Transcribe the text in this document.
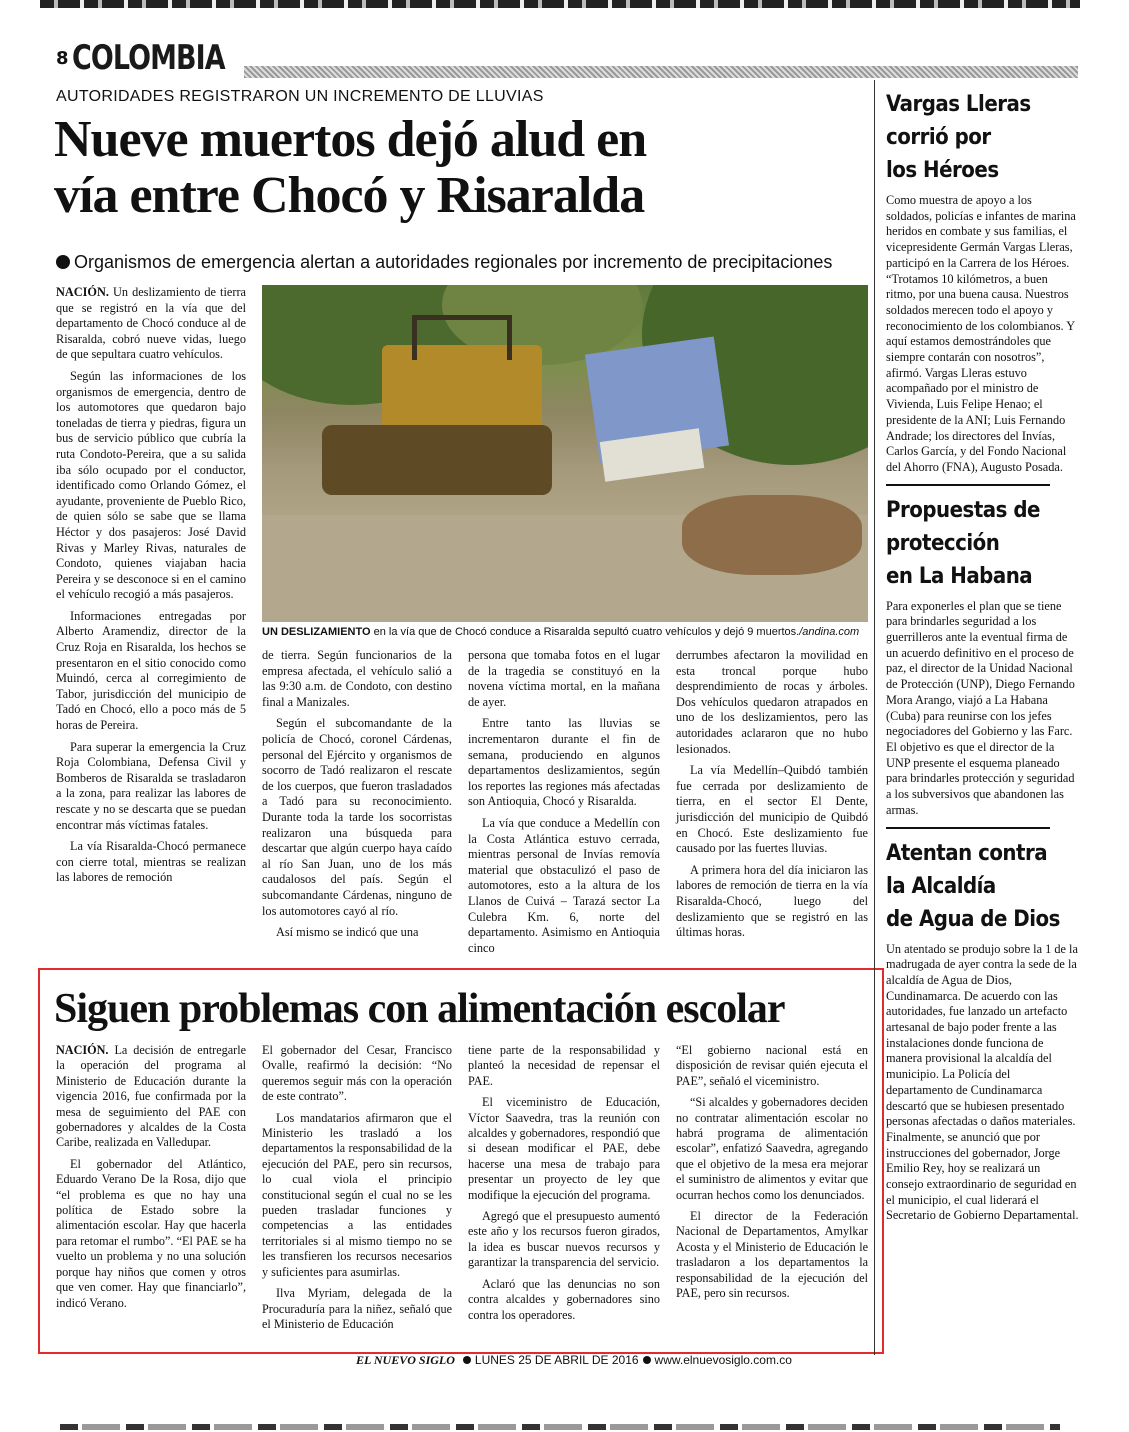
8 COLOMBIA
AUTORIDADES REGISTRARON UN INCREMENTO DE LLUVIAS
Nueve muertos dejó alud en
vía entre Chocó y Risaralda
Organismos de emergencia alertan a autoridades regionales por incremento de precipitaciones

NACIÓN. Un deslizamiento de tierra que se registró en la vía que del departamento de Chocó conduce al de Risaralda, cobró nueve vidas, luego de que sepultara cuatro vehículos.

Según las informaciones de los organismos de emergencia, dentro de los automotores que quedaron bajo toneladas de tierra y piedras, figura un bus de servicio público que cubría la ruta Condoto-Pereira, que a su salida iba sólo ocupado por el conductor, identificado como Orlando Gómez, el ayudante, proveniente de Pueblo Rico, de quien sólo se sabe que se llama Héctor y dos pasajeros: José David Rivas y Marley Rivas, naturales de Condoto, quienes viajaban hacia Pereira y se desconoce si en el camino el vehículo recogió a más pasajeros.

Informaciones entregadas por Alberto Aramendiz, director de la Cruz Roja en Risaralda, los hechos se presentaron en el sitio conocido como Muindó, cerca al corregimiento de Tabor, jurisdicción del municipio de Tadó en Chocó, ello a poco más de 5 horas de Pereira.

Para superar la emergencia la Cruz Roja Colombiana, Defensa Civil y Bomberos de Risaralda se trasladaron a la zona, para realizar las labores de rescate y no se descarta que se puedan encontrar más víctimas fatales.

La vía Risaralda-Chocó permanece con cierre total, mientras se realizan las labores de remoción

UN DESLIZAMIENTO en la vía que de Chocó conduce a Risaralda sepultó cuatro vehículos y dejó 9 muertos./andina.com

de tierra. Según funcionarios de la empresa afectada, el vehículo salió a las 9:30 a.m. de Condoto, con destino final a Manizales.

Según el subcomandante de la policía de Chocó, coronel Cárdenas, personal del Ejército y organismos de socorro de Tadó realizaron el rescate de los cuerpos, que fueron trasladados a Tadó para su reconocimiento. Durante toda la tarde los socorristas realizaron una búsqueda para descartar que algún cuerpo haya caído al río San Juan, uno de los más caudalosos del país. Según el subcomandante Cárdenas, ninguno de los automotores cayó al río.

Así mismo se indicó que una

persona que tomaba fotos en el lugar de la tragedia se constituyó en la novena víctima mortal, en la mañana de ayer.

Entre tanto las lluvias se incrementaron durante el fin de semana, produciendo en algunos departamentos deslizamientos, según los reportes las regiones más afectadas son Antioquia, Chocó y Risaralda.

La vía que conduce a Medellín con la Costa Atlántica estuvo cerrada, mientras personal de Invías removía material que obstaculizó el paso de automotores, esto a la altura de los Llanos de Cuivá – Tarazá sector La Culebra Km. 6, norte del departamento. Asimismo en Antioquia cinco

derrumbes afectaron la movilidad en esta troncal porque hubo desprendimiento de rocas y árboles. Dos vehículos quedaron atrapados en uno de los deslizamientos, pero las autoridades aclararon que no hubo lesionados.

La vía Medellín–Quibdó también fue cerrada por deslizamiento de tierra, en el sector El Dente, jurisdicción del municipio de Quibdó en Chocó. Este deslizamiento fue causado por las fuertes lluvias.

A primera hora del día iniciaron las labores de remoción de tierra en la vía Risaralda-Chocó, luego del deslizamiento que se registró en las últimas horas.

Siguen problemas con alimentación escolar

NACIÓN. La decisión de entregarle la operación del programa al Ministerio de Educación durante la vigencia 2016, fue confirmada por la mesa de seguimiento del PAE con gobernadores y alcaldes de la Costa Caribe, realizada en Valledupar.

El gobernador del Atlántico, Eduardo Verano De la Rosa, dijo que “el problema es que no hay una política de Estado sobre la alimentación escolar. Hay que hacerla para retomar el rumbo”. “El PAE se ha vuelto un problema y no una solución porque hay niños que comen y otros que ven comer. Hay que financiarlo”, indicó Verano.

El gobernador del Cesar, Francisco Ovalle, reafirmó la decisión: “No queremos seguir más con la operación de este contrato”.

Los mandatarios afirmaron que el Ministerio les trasladó a los departamentos la responsabilidad de la ejecución del PAE, pero sin recursos, lo cual viola el principio constitucional según el cual no se les pueden trasladar funciones y competencias a las entidades territoriales si al mismo tiempo no se les transfieren los recursos necesarios y suficientes para asumirlas.

Ilva Myriam, delegada de la Procuraduría para la niñez, señaló que el Ministerio de Educación

tiene parte de la responsabilidad y planteó la necesidad de repensar el PAE.

El viceministro de Educación, Víctor Saavedra, tras la reunión con alcaldes y gobernadores, respondió que si desean modificar el PAE, debe hacerse una mesa de trabajo para presentar un proyecto de ley que modifique la ejecución del programa.

Agregó que el presupuesto aumentó este año y los recursos fueron girados, la idea es buscar nuevos recursos y garantizar la transparencia del servicio.

Aclaró que las denuncias no son contra alcaldes y gobernadores sino contra los operadores.

“El gobierno nacional está en disposición de revisar quién ejecuta el PAE”, señaló el viceministro.

“Si alcaldes y gobernadores deciden no contratar alimentación escolar no habrá programa de alimentación escolar”, enfatizó Saavedra, agregando que el objetivo de la mesa era mejorar el suministro de alimentos y evitar que ocurran hechos como los denunciados.

El director de la Federación Nacional de Departamentos, Amylkar Acosta y el Ministerio de Educación le trasladaron a los departamentos la responsabilidad de la ejecución del PAE, pero sin recursos.

Vargas Lleras
corrió por
los Héroes

Como muestra de apoyo a los soldados, policías e infantes de marina heridos en combate y sus familias, el vicepresidente Germán Vargas Lleras, participó en la Carrera de los Héroes. “Trotamos 10 kilómetros, a buen ritmo, por una buena causa. Nuestros soldados merecen todo el apoyo y reconocimiento de los colombianos. Y aquí estamos demostrándoles que siempre contarán con nosotros”, afirmó. Vargas Lleras estuvo acompañado por el ministro de Vivienda, Luis Felipe Henao; el presidente de la ANI; Luis Fernando Andrade; los directores del Invías, Carlos García, y del Fondo Nacional del Ahorro (FNA), Augusto Posada.

Propuestas de
protección
en La Habana

Para exponerles el plan que se tiene para brindarles seguridad a los guerrilleros ante la eventual firma de un acuerdo definitivo en el proceso de paz, el director de la Unidad Nacional de Protección (UNP), Diego Fernando Mora Arango, viajó a La Habana (Cuba) para reunirse con los jefes negociadores del Gobierno y las Farc. El objetivo es que el director de la UNP presente el esquema planeado para brindarles protección y seguridad a los subversivos que abandonen las armas.

Atentan contra
la Alcaldía
de Agua de Dios

Un atentado se produjo sobre la 1 de la madrugada de ayer contra la sede de la alcaldía de Agua de Dios, Cundinamarca. De acuerdo con las autoridades, fue lanzado un artefacto artesanal de bajo poder frente a las instalaciones donde funciona de manera provisional la alcaldía del municipio. La Policía del departamento de Cundinamarca descartó que se hubiesen presentado personas afectadas o daños materiales. Finalmente, se anunció que por instrucciones del gobernador, Jorge Emilio Rey, hoy se realizará un consejo extraordinario de seguridad en el municipio, el cual liderará el Secretario de Gobierno Departamental.

EL NUEVO SIGLO LUNES 25 DE ABRIL DE 2016 www.elnuevosiglo.com.co
